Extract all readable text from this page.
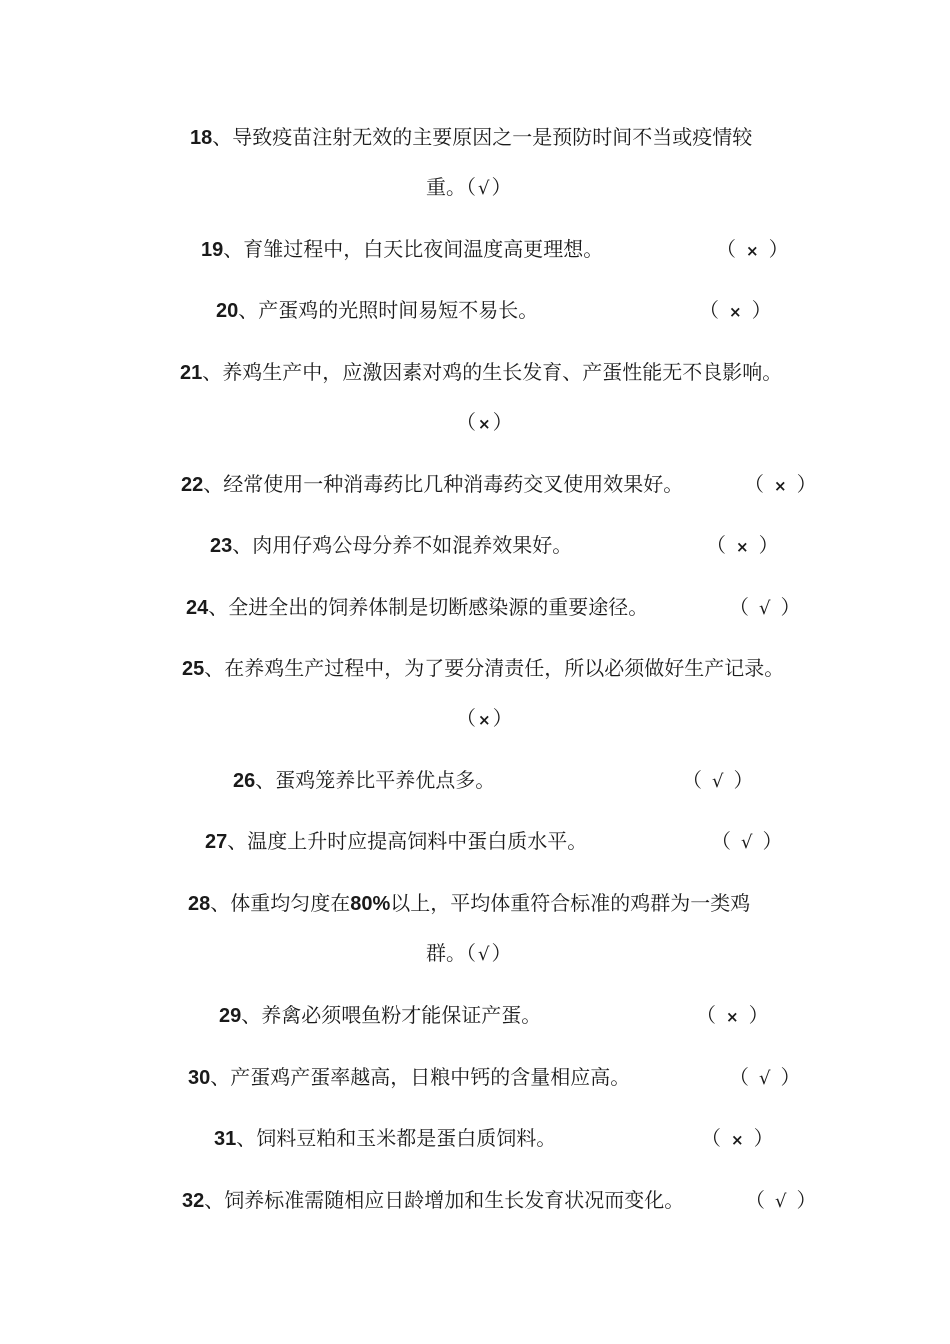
18、导致疫苗注射无效的主要原因之一是预防时间不当或疫情较
重。（ √ ）
19、育雏过程中，白天比夜间温度高更理想。	（ × ）
20、产蛋鸡的光照时间易短不易长。	（ × ）
21、养鸡生产中，应激因素对鸡的生长发育、产蛋性能无不良影响。
（ × ）
22、经常使用一种消毒药比几种消毒药交叉使用效果好。	（ × ）
23、肉用仔鸡公母分养不如混养效果好。	（ × ）
24、全进全出的饲养体制是切断感染源的重要途径。	（ √ ）
25、在养鸡生产过程中，为了要分清责任，所以必须做好生产记录。
（ × ）
26、蛋鸡笼养比平养优点多。	（ √ ）
27、温度上升时应提高饲料中蛋白质水平。	（ √ ）
28、体重均匀度在80%以上，平均体重符合标准的鸡群为一类鸡
群。（ √ ）
29、养禽必须喂鱼粉才能保证产蛋。	（ × ）
30、产蛋鸡产蛋率越高，日粮中钙的含量相应高。	（ √ ）
31、饲料豆粕和玉米都是蛋白质饲料。	（ × ）
32、饲养标准需随相应日龄增加和生长发育状况而变化。	（ √ ）
